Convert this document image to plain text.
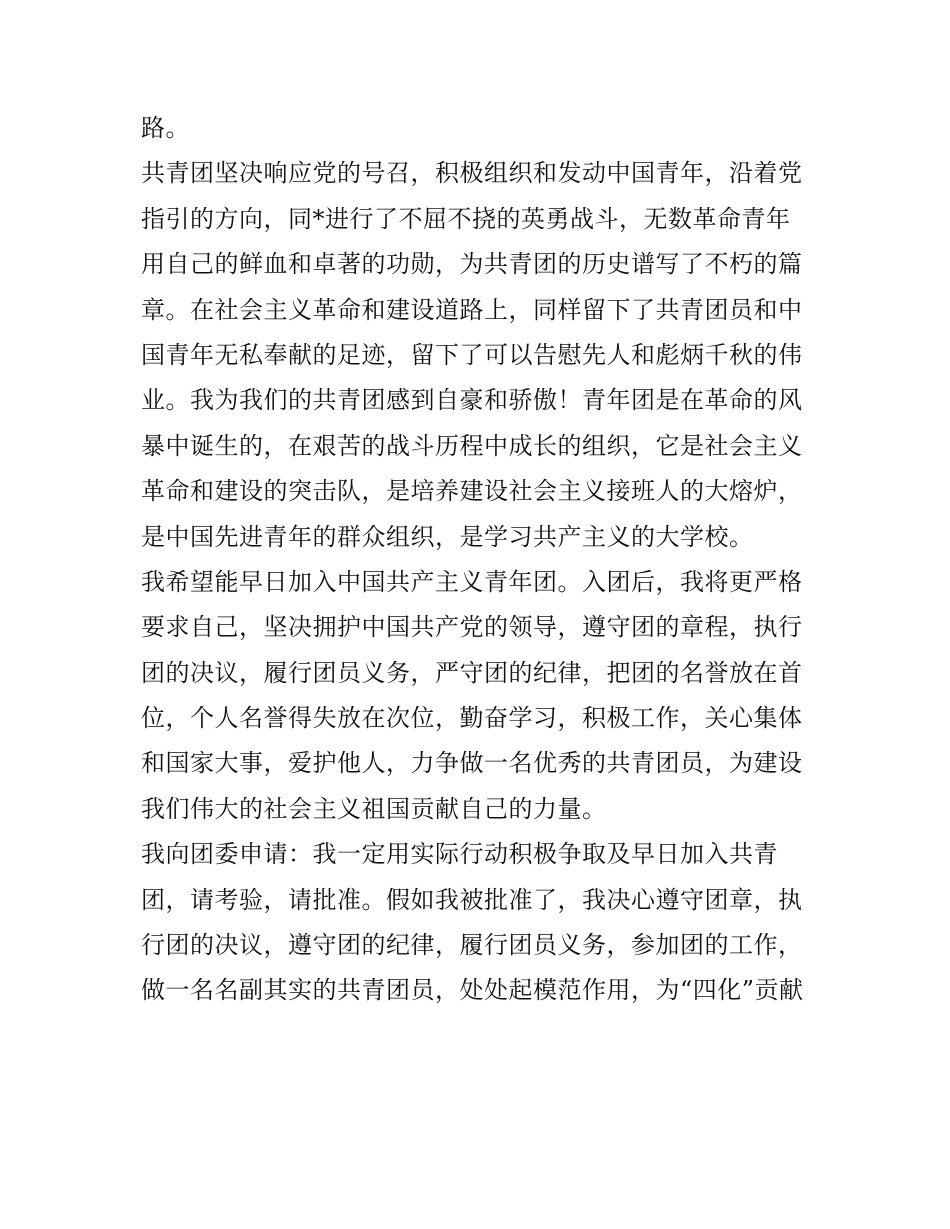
路。
共青团坚决响应党的号召，积极组织和发动中国青年，沿着党
指引的方向，同*进行了不屈不挠的英勇战斗，无数革命青年
用自己的鲜血和卓著的功勋，为共青团的历史谱写了不朽的篇
章。在社会主义革命和建设道路上，同样留下了共青团员和中
国青年无私奉献的足迹，留下了可以告慰先人和彪炳千秋的伟
业。我为我们的共青团感到自豪和骄傲！青年团是在革命的风
暴中诞生的，在艰苦的战斗历程中成长的组织，它是社会主义
革命和建设的突击队，是培养建设社会主义接班人的大熔炉，
是中国先进青年的群众组织，是学习共产主义的大学校。
我希望能早日加入中国共产主义青年团。入团后，我将更严格
要求自己，坚决拥护中国共产党的领导，遵守团的章程，执行
团的决议，履行团员义务，严守团的纪律，把团的名誉放在首
位，个人名誉得失放在次位，勤奋学习，积极工作，关心集体
和国家大事，爱护他人，力争做一名优秀的共青团员，为建设
我们伟大的社会主义祖国贡献自己的力量。
我向团委申请：我一定用实际行动积极争取及早日加入共青
团，请考验，请批准。假如我被批准了，我决心遵守团章，执
行团的决议，遵守团的纪律，履行团员义务，参加团的工作，
做一名名副其实的共青团员，处处起模范作用，为“四化”贡献
